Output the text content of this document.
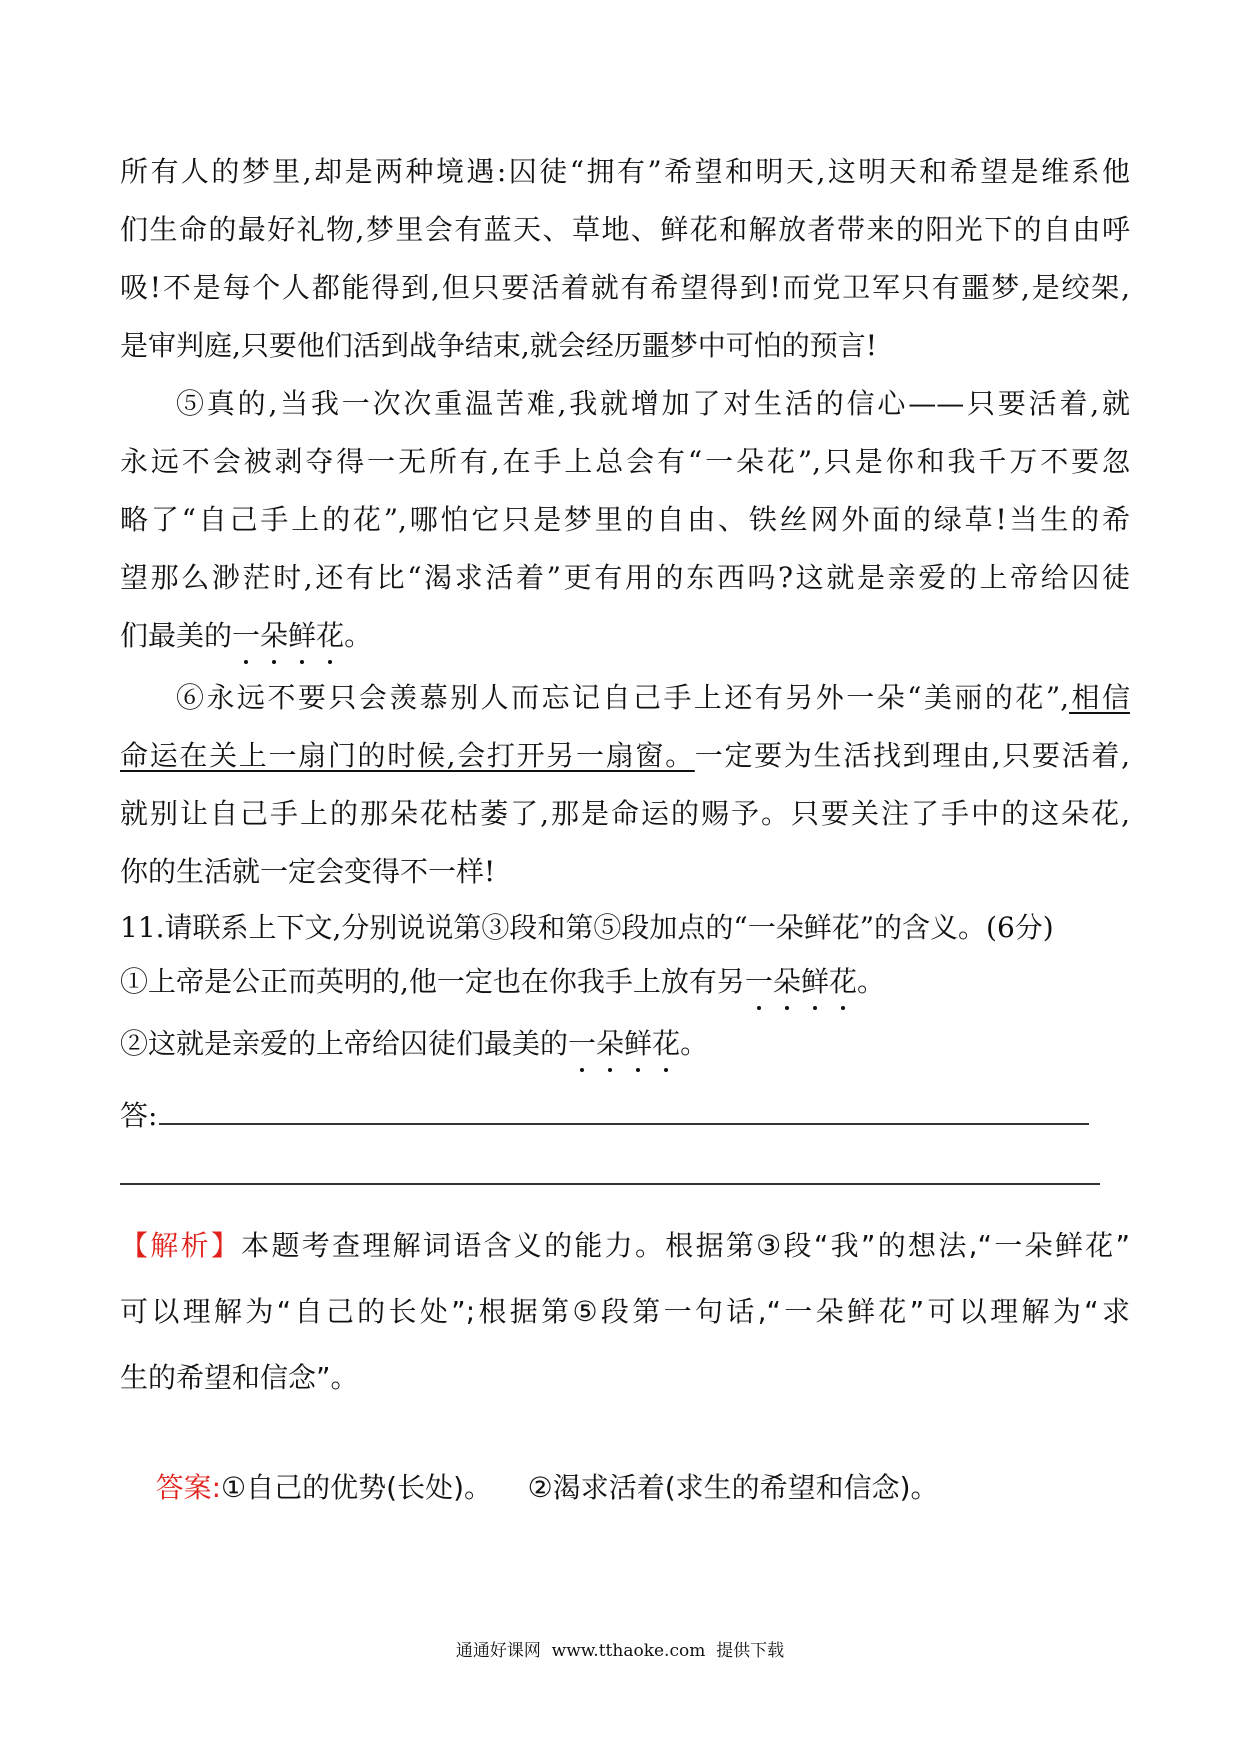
所有人的梦里,却是两种境遇:囚徒“拥有”希望和明天,这明天和希望是维系他
们生命的最好礼物,梦里会有蓝天、草地、鲜花和解放者带来的阳光下的自由呼
吸!不是每个人都能得到,但只要活着就有希望得到!而党卫军只有噩梦,是绞架,
是审判庭,只要他们活到战争结束,就会经历噩梦中可怕的预言!
⑤真的,当我一次次重温苦难,我就增加了对生活的信心——只要活着,就
永远不会被剥夺得一无所有,在手上总会有“一朵花”,只是你和我千万不要忽
略了“自己手上的花”,哪怕它只是梦里的自由、铁丝网外面的绿草!当生的希
望那么渺茫时,还有比“渴求活着”更有用的东西吗?这就是亲爱的上帝给囚徒
们最美的一朵鲜花。
⑥永远不要只会羡慕别人而忘记自己手上还有另外一朵“美丽的花”,相信
命运在关上一扇门的时候,会打开另一扇窗。一定要为生活找到理由,只要活着,
就别让自己手上的那朵花枯萎了,那是命运的赐予。只要关注了手中的这朵花,
你的生活就一定会变得不一样!
11.请联系上下文,分别说说第③段和第⑤段加点的“一朵鲜花”的含义。(6分)
①上帝是公正而英明的,他一定也在你我手上放有另一朵鲜花。
②这就是亲爱的上帝给囚徒们最美的一朵鲜花。
答:
【解析】本题考查理解词语含义的能力。根据第③段“我”的想法,“一朵鲜花”
可以理解为“自己的长处”;根据第⑤段第一句话,“一朵鲜花”可以理解为“求
生的希望和信念”。

答案:①自己的优势(长处)。    ②渴求活着(求生的希望和信念)。

通通好课网  www.tthaoke.com  提供下载
